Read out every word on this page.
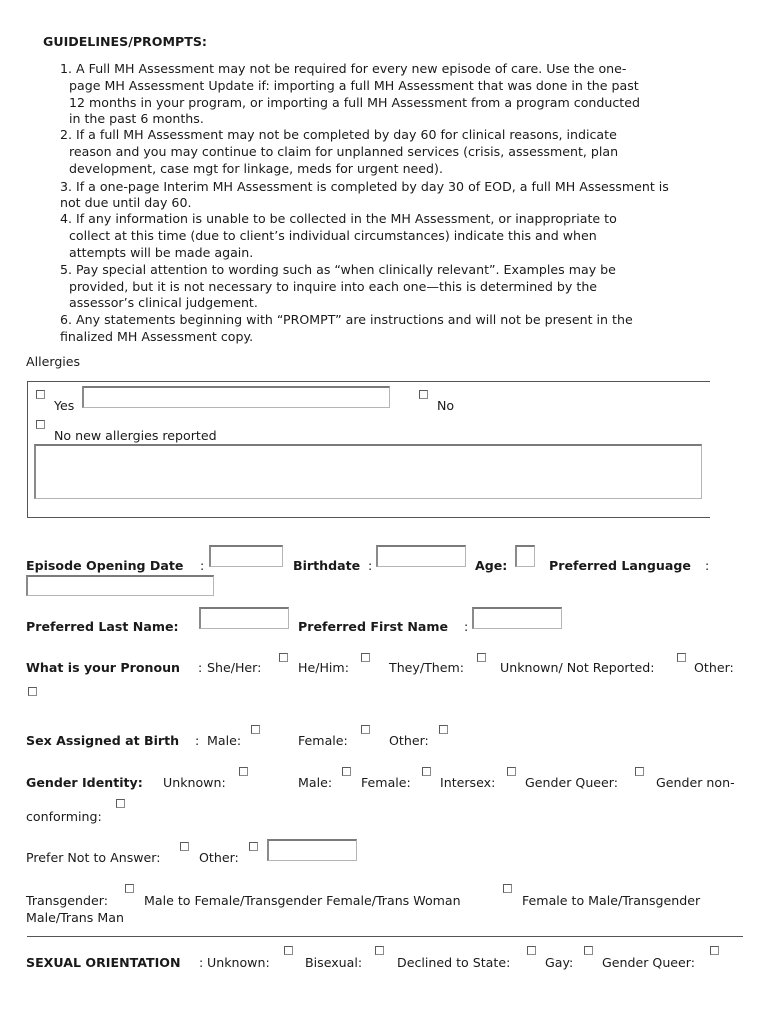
GUIDELINES/PROMPTS:
1. A Full MH Assessment may not be required for every new episode of care. Use the one-
page MH Assessment Update if: importing a full MH Assessment that was done in the past
12 months in your program, or importing a full MH Assessment from a program conducted
in the past 6 months.
2. If a full MH Assessment may not be completed by day 60 for clinical reasons, indicate
reason and you may continue to claim for unplanned services (crisis, assessment, plan
development, case mgt for linkage, meds for urgent need).
3. If a one-page Interim MH Assessment is completed by day 30 of EOD, a full MH Assessment is
not due until day 60.
4. If any information is unable to be collected in the MH Assessment, or inappropriate to
collect at this time (due to client’s individual circumstances) indicate this and when
attempts will be made again.
5. Pay special attention to wording such as “when clinically relevant”. Examples may be
provided, but it is not necessary to inquire into each one—this is determined by the
assessor’s clinical judgement.
6. Any statements beginning with “PROMPT” are instructions and will not be present in the
finalized MH Assessment copy.
Allergies
Yes	No
No new allergies reported
Episode Opening Date :	Birthdate :	Age:	Preferred Language :
Preferred Last Name:	Preferred First Name :
What is your Pronoun : She/Her:	He/Him:	They/Them:	Unknown/ Not Reported:	Other:
Sex Assigned at Birth : Male:	Female:	Other:
Gender Identity: Unknown:	Male: Female: Intersex: Gender Queer:	Gender non-
conforming:
Prefer Not to Answer:	Other:
Transgender:	Male to Female/Transgender Female/Trans Woman	Female to Male/Transgender
Male/Trans Man
SEXUAL ORIENTATION : Unknown:	Bisexual:	Declined to State:	Gay: Gender Queer:
